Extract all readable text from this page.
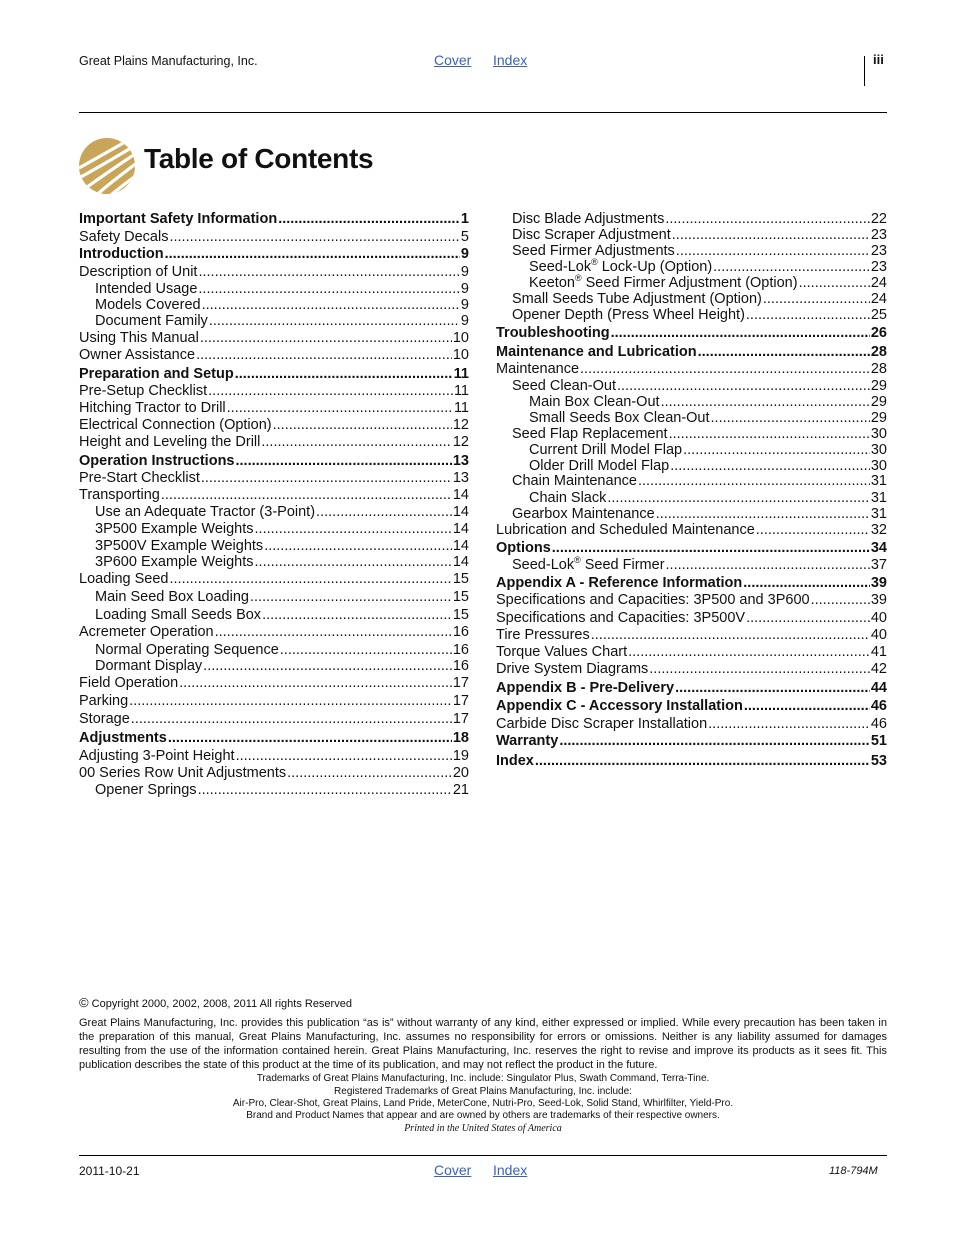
Great Plains Manufacturing, Inc.	Cover Index	iii
Table of Contents
Important Safety Information .....	1
Safety Decals .....	5
Introduction .....	9
Description of Unit .....	9
Intended Usage .....	9
Models Covered .....	9
Document Family .....	9
Using This Manual .....	10
Owner Assistance .....	10
Preparation and Setup .....	11
Pre-Setup Checklist .....	11
Hitching Tractor to Drill .....	11
Electrical Connection (Option) .....	12
Height and Leveling the Drill .....	12
Operation Instructions .....	13
Pre-Start Checklist .....	13
Transporting .....	14
Use an Adequate Tractor (3-Point) .....	14
3P500 Example Weights .....	14
3P500V Example Weights .....	14
3P600 Example Weights .....	14
Loading Seed .....	15
Main Seed Box Loading .....	15
Loading Small Seeds Box .....	15
Acremeter Operation .....	16
Normal Operating Sequence .....	16
Dormant Display .....	16
Field Operation .....	17
Parking .....	17
Storage .....	17
Adjustments .....	18
Adjusting 3-Point Height .....	19
00 Series Row Unit Adjustments .....	20
Opener Springs .....	21
Disc Blade Adjustments .....	22
Disc Scraper Adjustment .....	23
Seed Firmer Adjustments .....	23
Seed-Lok® Lock-Up (Option) .....	23
Keeton® Seed Firmer Adjustment (Option) .....	24
Small Seeds Tube Adjustment (Option) .....	24
Opener Depth (Press Wheel Height) .....	25
Troubleshooting .....	26
Maintenance and Lubrication .....	28
Maintenance .....	28
Seed Clean-Out .....	29
Main Box Clean-Out .....	29
Small Seeds Box Clean-Out .....	29
Seed Flap Replacement .....	30
Current Drill Model Flap .....	30
Older Drill Model Flap .....	30
Chain Maintenance .....	31
Chain Slack .....	31
Gearbox Maintenance .....	31
Lubrication and Scheduled Maintenance .....	32
Options .....	34
Seed-Lok® Seed Firmer .....	37
Appendix A - Reference Information .....	39
Specifications and Capacities: 3P500 and 3P600 .....	39
Specifications and Capacities: 3P500V .....	40
Tire Pressures .....	40
Torque Values Chart .....	41
Drive System Diagrams .....	42
Appendix B - Pre-Delivery .....	44
Appendix C - Accessory Installation .....	46
Carbide Disc Scraper Installation .....	46
Warranty .....	51
Index .....	53
© Copyright 2000, 2002, 2008, 2011 All rights Reserved
Great Plains Manufacturing, Inc. provides this publication “as is” without warranty of any kind, either expressed or implied. While every precaution has been taken in the preparation of this manual, Great Plains Manufacturing, Inc. assumes no responsibility for errors or omissions. Neither is any liability assumed for damages resulting from the use of the information contained herein. Great Plains Manufacturing, Inc. reserves the right to revise and improve its products as it sees fit. This publication describes the state of this product at the time of its publication, and may not reflect the product in the future.
Trademarks of Great Plains Manufacturing, Inc. include: Singulator Plus, Swath Command, Terra-Tine.
Registered Trademarks of Great Plains Manufacturing, Inc. include:
Air-Pro, Clear-Shot, Great Plains, Land Pride, MeterCone, Nutri-Pro, Seed-Lok, Solid Stand, Whirlfilter, Yield-Pro.
Brand and Product Names that appear and are owned by others are trademarks of their respective owners.
Printed in the United States of America
2011-10-21	Cover Index	118-794M
